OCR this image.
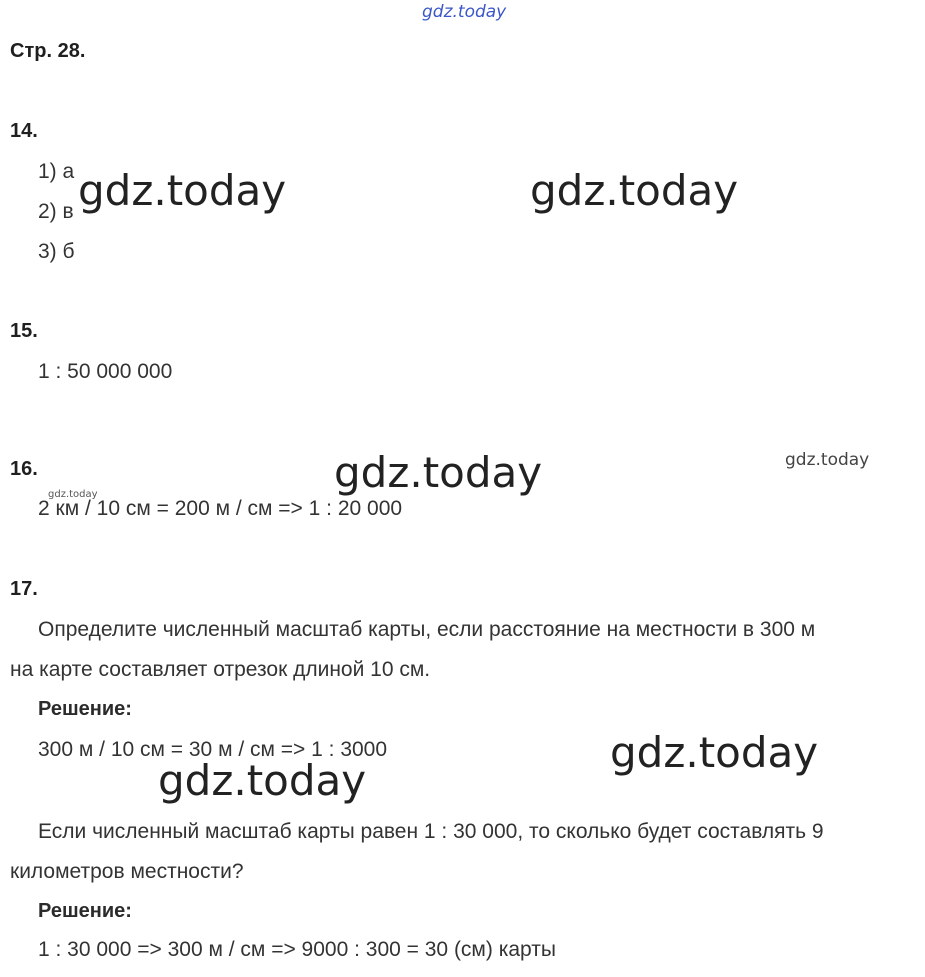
gdz.today
Стр. 28.
14.
1) а
2) в
3) б
gdz.today	gdz.today
15.
1 : 50 000 000
16.	gdz.today	gdz.today
gdz.today
2 км / 10 см = 200 м / см => 1 : 20 000
17.
Определите численный масштаб карты, если расстояние на местности в 300 м
на карте составляет отрезок длиной 10 см.
Решение:
300 м / 10 см = 30 м / см => 1 : 3000	gdz.today
gdz.today
Если численный масштаб карты равен 1 : 30 000, то сколько будет составлять 9
километров местности?
Решение:
1 : 30 000 => 300 м / см => 9000 : 300 = 30 (см) карты
